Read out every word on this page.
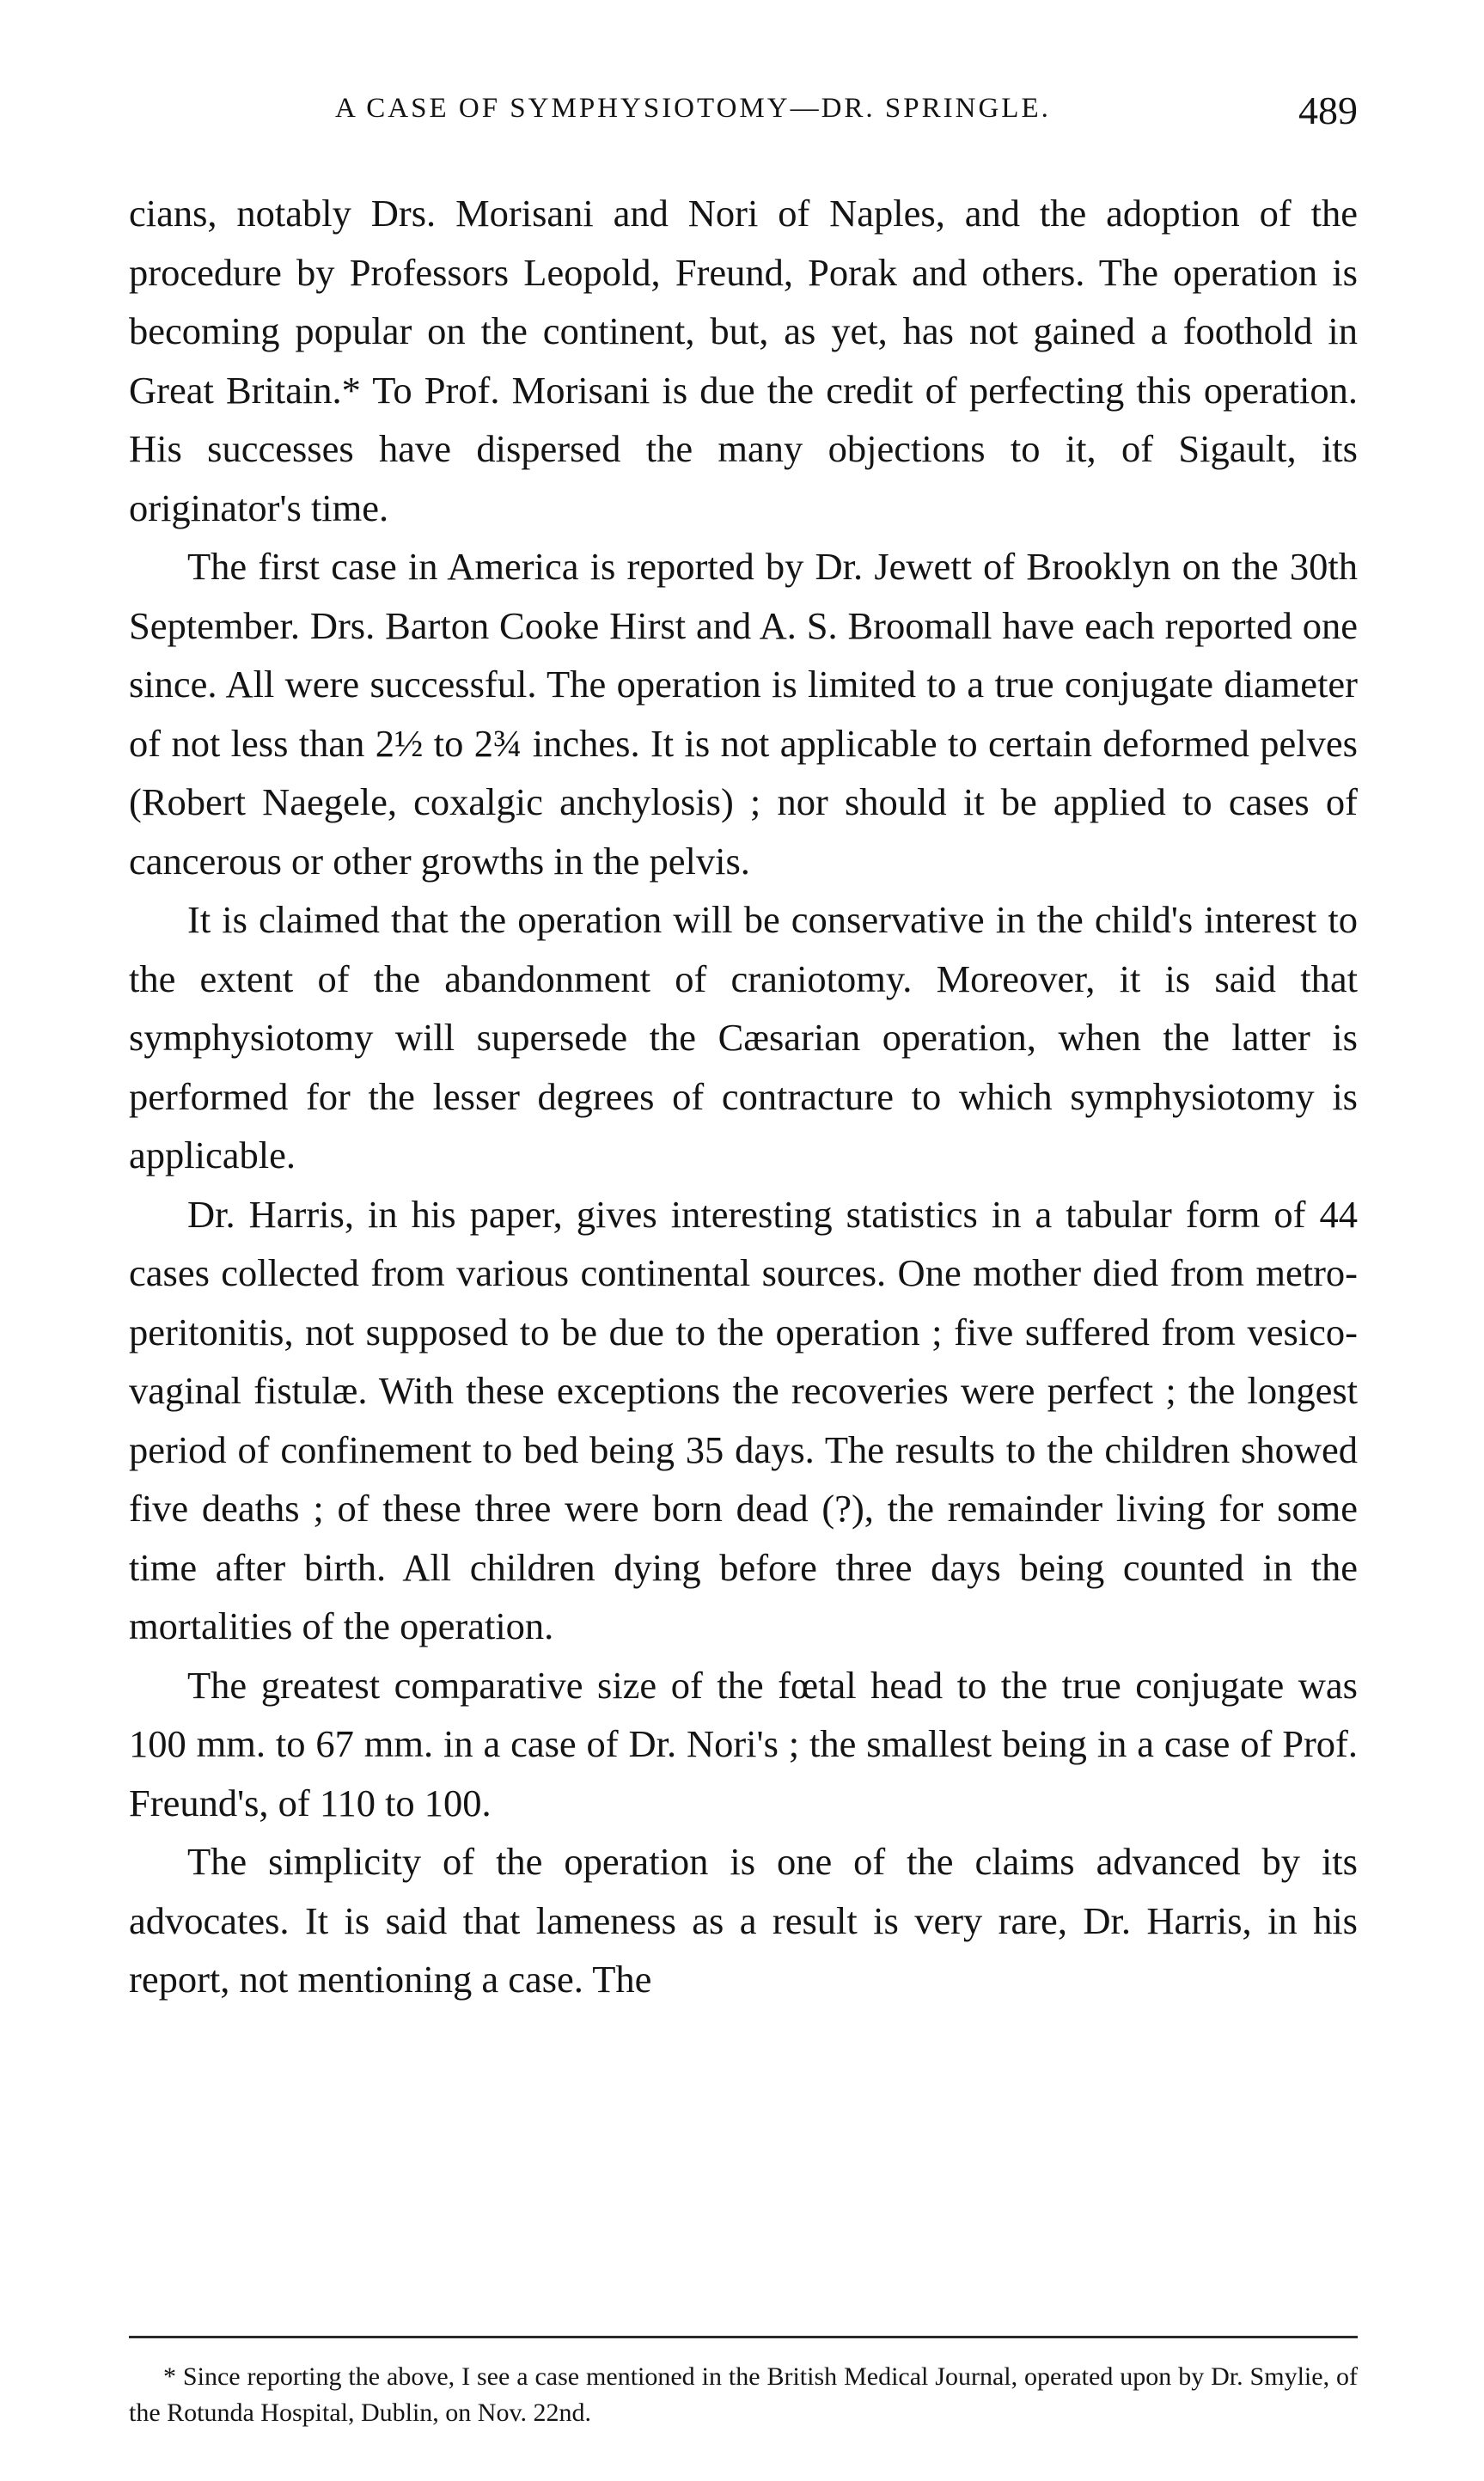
A CASE OF SYMPHYSIOTOMY—DR. SPRINGLE.	489

cians, notably Drs. Morisani and Nori of Naples, and the adoption of the procedure by Professors Leopold, Freund, Porak and others. The operation is becoming popular on the continent, but, as yet, has not gained a foothold in Great Britain.* To Prof. Morisani is due the credit of perfecting this operation. His successes have dispersed the many objections to it, of Sigault, its originator's time.

The first case in America is reported by Dr. Jewett of Brooklyn on the 30th September. Drs. Barton Cooke Hirst and A. S. Broomall have each reported one since. All were successful. The operation is limited to a true conjugate diameter of not less than 2½ to 2¾ inches. It is not applicable to certain deformed pelves (Robert Naegele, coxalgic anchylosis) ; nor should it be applied to cases of cancerous or other growths in the pelvis.

It is claimed that the operation will be conservative in the child's interest to the extent of the abandonment of craniotomy. Moreover, it is said that symphysiotomy will supersede the Cæsarian operation, when the latter is performed for the lesser degrees of contracture to which symphysiotomy is applicable.

Dr. Harris, in his paper, gives interesting statistics in a tabular form of 44 cases collected from various continental sources. One mother died from metro-peritonitis, not supposed to be due to the operation ; five suffered from vesico-vaginal fistulæ. With these exceptions the recoveries were perfect ; the longest period of confinement to bed being 35 days. The results to the children showed five deaths ; of these three were born dead (?), the remainder living for some time after birth. All children dying before three days being counted in the mortalities of the operation.

The greatest comparative size of the fœtal head to the true conjugate was 100 mm. to 67 mm. in a case of Dr. Nori's ; the smallest being in a case of Prof. Freund's, of 110 to 100.

The simplicity of the operation is one of the claims advanced by its advocates. It is said that lameness as a result is very rare, Dr. Harris, in his report, not mentioning a case. The

* Since reporting the above, I see a case mentioned in the British Medical Journal, operated upon by Dr. Smylie, of the Rotunda Hospital, Dublin, on Nov. 22nd.
